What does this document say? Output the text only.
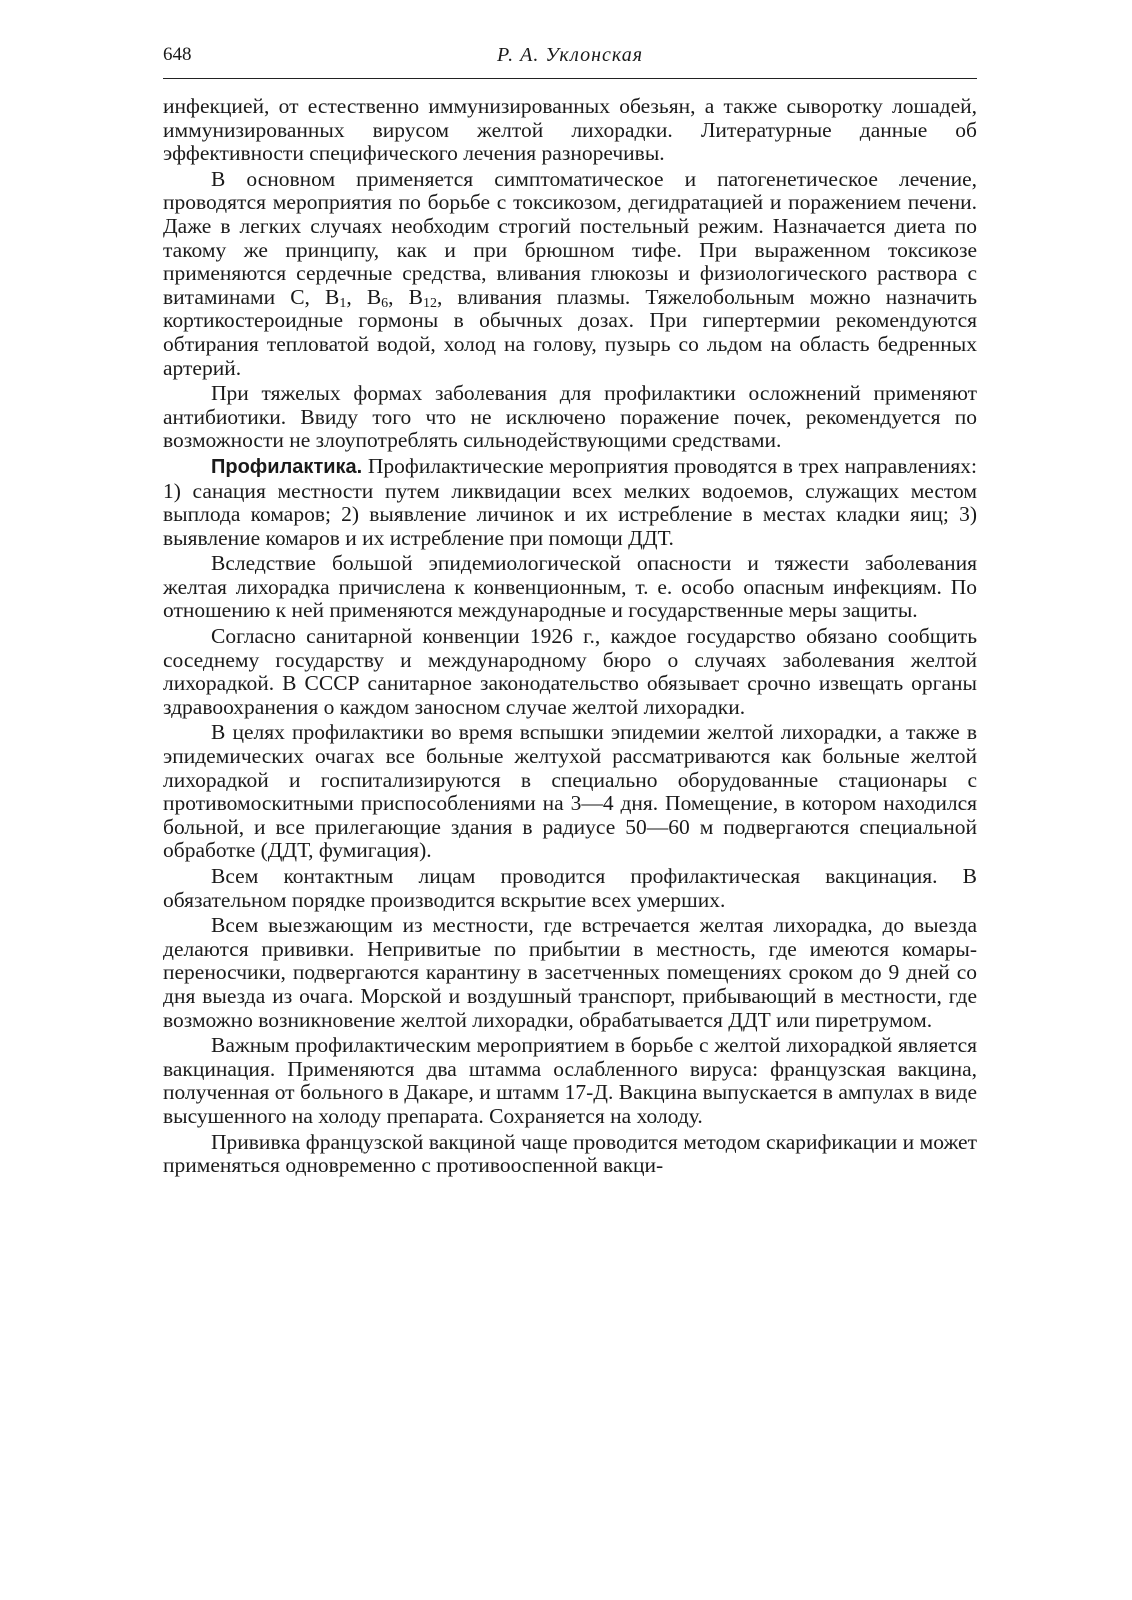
648	Р. А. Уклонская

инфекцией, от естественно иммунизированных обезьян, а также сыворотку лошадей, иммунизированных вирусом желтой лихорадки. Литературные данные об эффективности специфического лечения разноречивы.

В основном применяется симптоматическое и патогенетическое лечение, проводятся мероприятия по борьбе с токсикозом, дегидратацией и поражением печени. Даже в легких случаях необходим строгий постельный режим. Назначается диета по такому же принципу, как и при брюшном тифе. При выраженном токсикозе применяются сердечные средства, вливания глюкозы и физиологического раствора с витаминами С, $B_1$, $B_6$, $B_{12}$, вливания плазмы. Тяжелобольным можно назначить кортикостероидные гормоны в обычных дозах. При гипертермии рекомендуются обтирания тепловатой водой, холод на голову, пузырь со льдом на область бедренных артерий.

При тяжелых формах заболевания для профилактики осложнений применяют антибиотики. Ввиду того что не исключено поражение почек, рекомендуется по возможности не злоупотреблять сильнодействующими средствами.

Профилактика. Профилактические мероприятия проводятся в трех направлениях: 1) санация местности путем ликвидации всех мелких водоемов, служащих местом выплода комаров; 2) выявление личинок и их истребление в местах кладки яиц; 3) выявление комаров и их истребление при помощи ДДТ.

Вследствие большой эпидемиологической опасности и тяжести заболевания желтая лихорадка причислена к конвенционным, т. е. особо опасным инфекциям. По отношению к ней применяются международные и государственные меры защиты.

Согласно санитарной конвенции 1926 г., каждое государство обязано сообщить соседнему государству и международному бюро о случаях заболевания желтой лихорадкой. В СССР санитарное законодательство обязывает срочно извещать органы здравоохранения о каждом заносном случае желтой лихорадки.

В целях профилактики во время вспышки эпидемии желтой лихорадки, а также в эпидемических очагах все больные желтухой рассматриваются как больные желтой лихорадкой и госпитализируются в специально оборудованные стационары с противомоскитными приспособлениями на 3—4 дня. Помещение, в котором находился больной, и все прилегающие здания в радиусе 50—60 м подвергаются специальной обработке (ДДТ, фумигация).

Всем контактным лицам проводится профилактическая вакцинация. В обязательном порядке производится вскрытие всех умерших.

Всем выезжающим из местности, где встречается желтая лихорадка, до выезда делаются прививки. Непривитые по прибытии в местность, где имеются комары-переносчики, подвергаются карантину в засетченных помещениях сроком до 9 дней со дня выезда из очага. Морской и воздушный транспорт, прибывающий в местности, где возможно возникновение желтой лихорадки, обрабатывается ДДТ или пиретрумом.

Важным профилактическим мероприятием в борьбе с желтой лихорадкой является вакцинация. Применяются два штамма ослабленного вируса: французская вакцина, полученная от больного в Дакаре, и штамм 17-Д. Вакцина выпускается в ампулах в виде высушенного на холоду препарата. Сохраняется на холоду.

Прививка французской вакциной чаще проводится методом скарификации и может применяться одновременно с противооспенной вакци-
